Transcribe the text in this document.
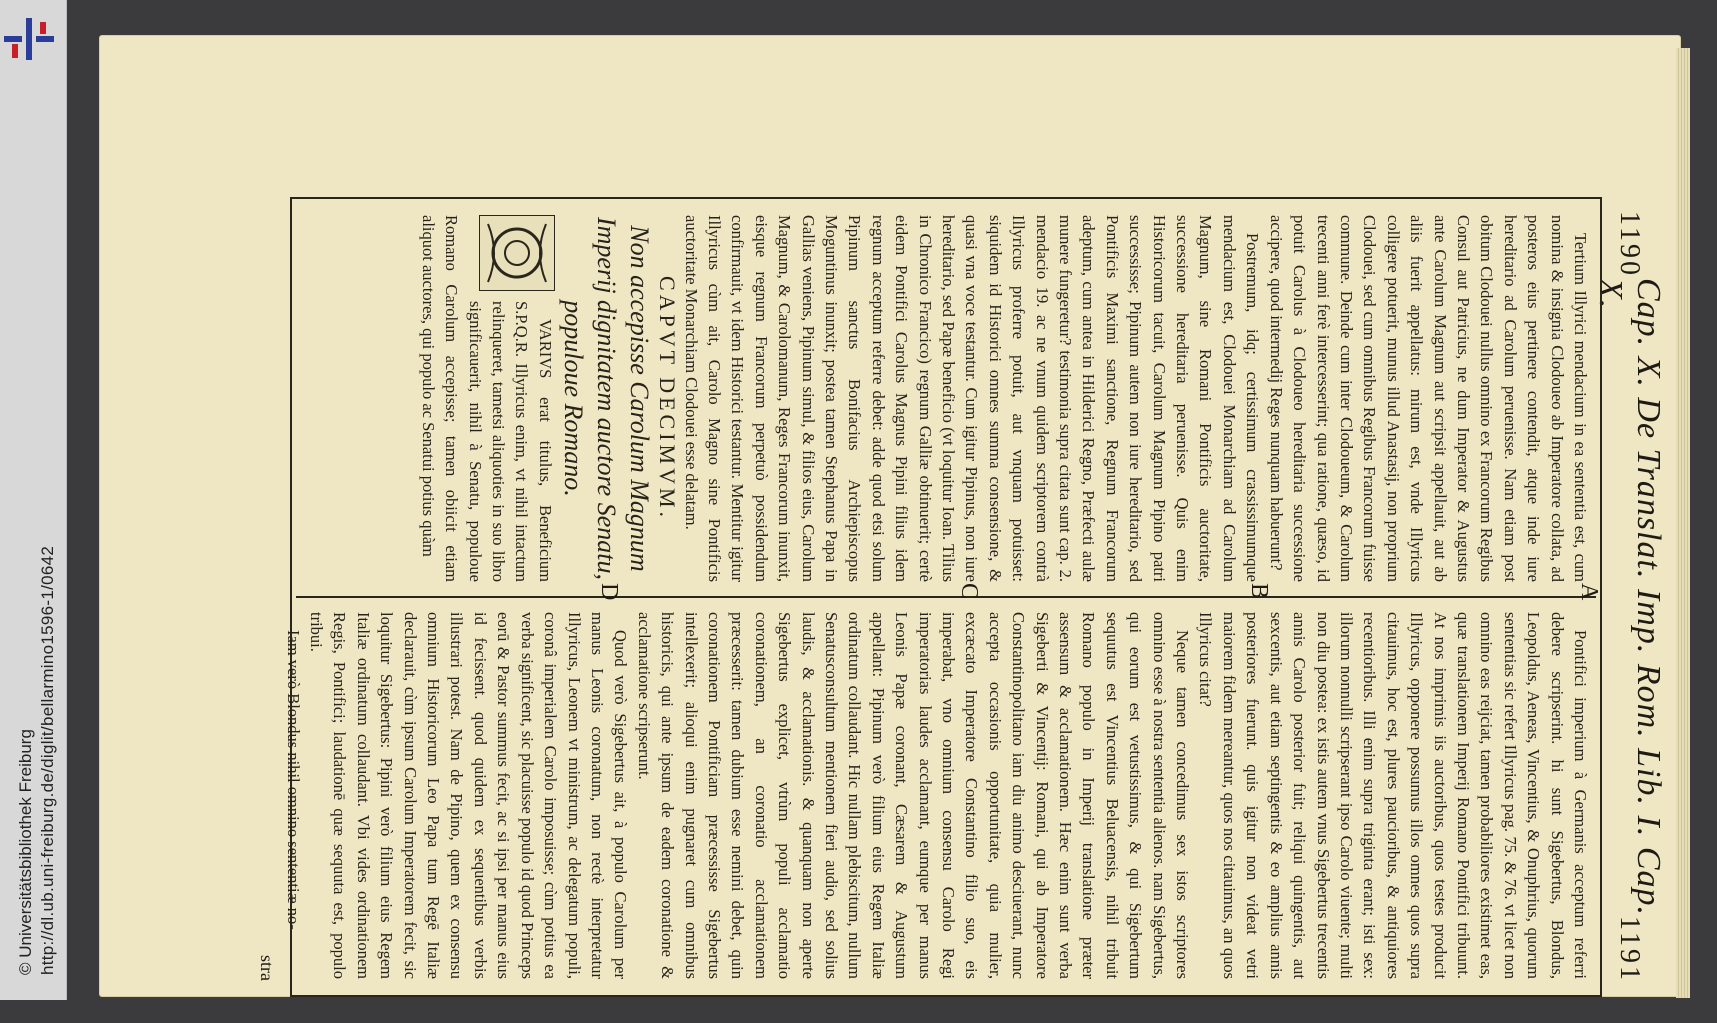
http://dl.ub.uni-freiburg.de/diglit/bellarmino1596-1/0642
© Universitätsbibliothek Freiburg
1190
Cap. X. De Translat. Imp. Rom. Lib. I. Cap. X.
1191

Tertium Illyrici mendacium in ea sententia est, cum nomina & insignia Clodoueo ab Imperatore collata, ad posteros eius pertinere contendit, atque inde iure hereditario ad Carolum peruenisse. Nam etiam post obitum Clodouei nullus omnino ex Francorum Regibus Consul aut Patricius, ne dum Imperator & Augustus ante Carolum Magnum aut scripsit appellauit, aut ab aliis fuerit appellatus: mirum est, vnde Illyricus colligere potuerit, munus illud Anastasij, non proprium Clodouei, sed cum omnibus Regibus Francorum fuisse commune. Deinde cum inter Clodoueum, & Carolum trecenti anni ferè intercesserint; qua ratione, quæso, id potuit Carolus à Clodoueo hereditaria successione accipere, quod intermedij Reges nunquam habuerunt?

Postremum, idq; certissimum crassissimumque mendacium est, Clodouei Monarchiam ad Carolum Magnum, sine Romani Pontificis auctoritate, successione hereditaria peruenisse. Quis enim Historicorum tacuit, Carolum Magnum Pipino patri successisse; Pipinum autem non iure hereditario, sed Pontificis Maximi sanctione, Regnum Francorum adeptum, cum antea in Hilderici Regno, Præfecti aulæ munere fungeretur? testimonia supra citata sunt cap. 2. mendacio 19. ac ne vnum quidem scriptorem contrà Illyricus proferre potuit, aut vnquam potuisset: siquidem id Historici omnes summa consensione, & quasi vna voce testantur. Cum igitur Pipinus, non iure hereditario, sed Papæ beneficio (vt loquitur Ioan. Tilius in Chronico Francico) regnum Galliæ obtinuerit; certè eidem Pontifici Carolus Magnus Pipini filius idem regnum acceptum referre debet: adde quod etsi solum Pipinum sanctus Bonifacius Archiepiscopus Moguntinus inunxit; postea tamen Stephanus Papa in Gallias veniens, Pipinum simul, & filios eius, Carolum Magnum, & Carolomanum, Reges Francorum inunxit, eisque regnum Francorum perpetuò possidendum confirmauit, vt idem Historici testantur. Mentitur igitur Illyricus cùm ait, Carolo Magno sine Pontificis auctoritate Monarchiam Clodouei esse delatam.

CAPVT DECIMVM.

Non accepisse Carolum Magnum Imperij dignitatem auctore Senatu, populoue Romano.

VARIVS erat titulus, Beneficium S.P.Q.R. Illyricus enim, vt nihil intactum relinqueret, tametsi aliquoties in suo libro significauerit, nihil à Senatu, populoue Romano Carolum accepisse; tamen obiicit etiam aliquot auctores, qui populo ac Senatui potius quàm

Pontifici imperium à Germanis acceptum referri debere scripserint. hi sunt Sigebertus, Blondus, Leopoldus, Aeneas, Vincentius, & Onuphrius, quorum sententias sic refert Illyricus pag. 75. & 76. vt licet non omnino eas reijciat, tamen probabiliores existimet eas, quæ translationem Imperij Romano Pontifici tribuunt. At nos imprimis iis auctoribus, quos testes producit Illyricus, opponere possumus illos omnes quos supra citauimus, hoc est, plures paucioribus, & antiquiores recentioribus. Illi enim supra triginta erant; isti sex: illorum nonnulli scripserant ipso Carolo viuente; multi non diu postea: ex istis autem vnus Sigebertus trecentis annis Carolo posterior fuit; reliqui quingentis, aut sexcentis, aut etiam septingentis & eo amplius annis posteriores fuerunt. quis igitur non videat vetri maiorem fidem mereantur, quos nos citauimus, an quos Illyricus citat?

Neque tamen concedimus sex istos scriptores omnino esse à nostra sententia alienos. nam Sigebertus, qui eorum est vetustissimus, & qui Sigebertum sequutus est Vincentius Beluacensis, nihil tribuit Romano populo in Imperij translatione præter assensum & acclamationem. Hæc enim sunt verba Sigeberti & Vincentij: Romani, qui ab Imperatore Constantinopolitano iam diu animo desciuerant, nunc accepta occasionis opportunitate, quia mulier, excæcato Imperatore Constantino filio suo, eis imperabat, vno omnium consensu Carolo Regi imperatorias laudes acclamant, eumque per manus Leonis Papæ coronant, Cæsarem & Augustum appellant: Pipinum verò filium eius Regem Italiæ ordinatum collaudant. Hic nullam plebiscitum, nullum Senatusconsultum mentionem fieri audio, sed solius laudis, & acclamationis. & quanquam non aperte Sigebertus explicet, vtrùm populi acclamatio coronationem, an coronatio acclamationem præcesserit: tamen dubium esse nemini debet, quin coronationem Pontificiam præcessisse Sigebertus intellexerit; alioqui enim pugnaret cum omnibus historicis, qui ante ipsum de eadem coronatione & acclamatione scripserunt.

Quod verò Sigebertus ait, à populo Carolum per manus Leonis coronatum, non rectè interpretatur Illyricus, Leonem vt ministrum, ac delegatum populi, coronâ imperialem Carolo imposuisse; cùm potius ea verba significent, sic placuisse populo id quod Princeps eorū & Pastor summus fecit, ac si ipsi per manus eius id fecissent. quod quidem ex sequentibus verbis illustrari potest. Nam de Pipino, quem ex consensu omnium Historicorum Leo Papa tum Regē Italiæ declarauit, cùm ipsum Carolum Imperatorem fecit, sic loquitur Sigebertus: Pipini verò filium eius Regem Italiæ ordinatum collaudant. Vbi vides ordinationem Regis, Pontifici; laudationē quæ sequuta est, populo tribui.

Iam verò Blondus nihil omnino sententiæ no-

A
B
C
D
stra
